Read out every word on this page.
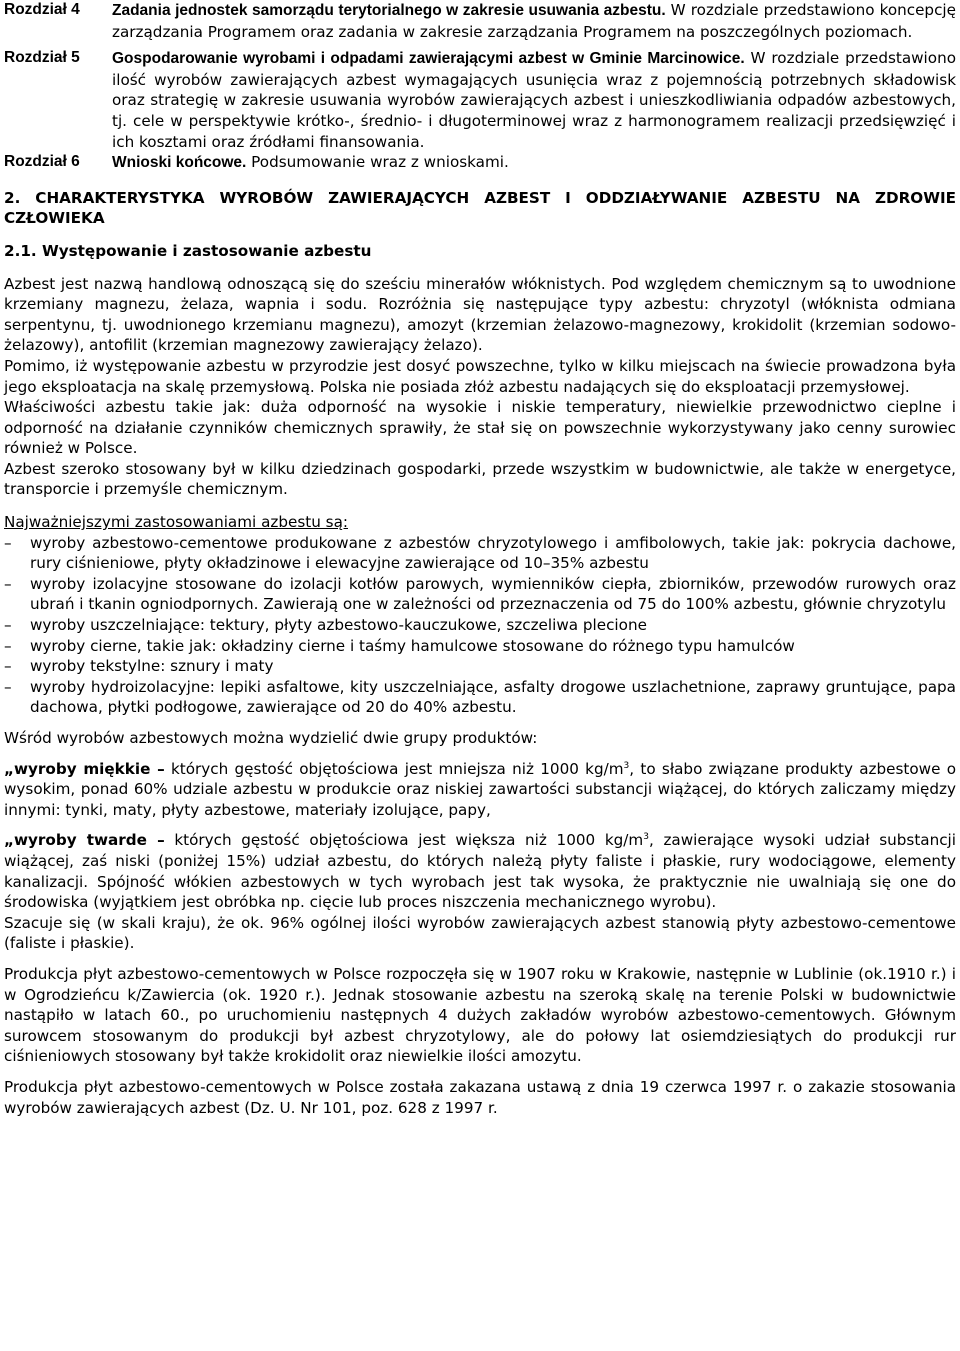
Rozdział 4	Zadania jednostek samorządu terytorialnego w zakresie usuwania azbestu. W rozdziale przedstawiono koncepcję zarządzania Programem oraz zadania w zakresie zarządzania Programem na poszczególnych poziomach.
Rozdział 5	Gospodarowanie wyrobami i odpadami zawierającymi azbest w Gminie Marcinowice. W rozdziale przedstawiono ilość wyrobów zawierających azbest wymagających usunięcia wraz z pojemnością potrzebnych składowisk oraz strategię w zakresie usuwania wyrobów zawierających azbest i unieszkodliwiania odpadów azbestowych, tj. cele w perspektywie krótko-, średnio- i długoterminowej wraz z harmonogramem realizacji przedsięwzięć i ich kosztami oraz źródłami finansowania.
Rozdział 6	Wnioski końcowe. Podsumowanie wraz z wnioskami.

2. CHARAKTERYSTYKA WYROBÓW ZAWIERAJĄCYCH AZBEST I ODDZIAŁYWANIE AZBESTU NA ZDROWIE CZŁOWIEKA

2.1. Występowanie i zastosowanie azbestu

Azbest jest nazwą handlową odnoszącą się do sześciu minerałów włóknistych. Pod względem chemicznym są to uwodnione krzemiany magnezu, żelaza, wapnia i sodu. Rozróżnia się następujące typy azbestu: chryzotyl (włóknista odmiana serpentynu, tj. uwodnionego krzemianu magnezu), amozyt (krzemian żelazowo-magnezowy, krokidolit (krzemian sodowo-żelazowy), antofilit (krzemian magnezowy zawierający żelazo).

Pomimo, iż występowanie azbestu w przyrodzie jest dosyć powszechne, tylko w kilku miejscach na świecie prowadzona była jego eksploatacja na skalę przemysłową. Polska nie posiada złóż azbestu nadających się do eksploatacji przemysłowej.

Właściwości azbestu takie jak: duża odporność na wysokie i niskie temperatury, niewielkie przewodnictwo cieplne i odporność na działanie czynników chemicznych sprawiły, że stał się on powszechnie wykorzystywany jako cenny surowiec również w Polsce.

Azbest szeroko stosowany był w kilku dziedzinach gospodarki, przede wszystkim w budownictwie, ale także w energetyce, transporcie i przemyśle chemicznym.

Najważniejszymi zastosowaniami azbestu są:

–	wyroby azbestowo-cementowe produkowane z azbestów chryzotylowego i amfibolowych, takie jak: pokrycia dachowe, rury ciśnieniowe, płyty okładzinowe i elewacyjne zawierające od 10–35% azbestu
–	wyroby izolacyjne stosowane do izolacji kotłów parowych, wymienników ciepła, zbiorników, przewodów rurowych oraz ubrań i tkanin ogniodpornych. Zawierają one w zależności od przeznaczenia od 75 do 100% azbestu, głównie chryzotylu
–	wyroby uszczelniające: tektury, płyty azbestowo-kauczukowe, szczeliwa plecione
–	wyroby cierne, takie jak: okładziny cierne i taśmy hamulcowe stosowane do różnego typu hamulców
–	wyroby tekstylne: sznury i maty
–	wyroby hydroizolacyjne: lepiki asfaltowe, kity uszczelniające, asfalty drogowe uszlachetnione, zaprawy gruntujące, papa dachowa, płytki podłogowe, zawierające od 20 do 40% azbestu.

Wśród wyrobów azbestowych można wydzielić dwie grupy produktów:

„wyroby miękkie – których gęstość objętościowa jest mniejsza niż 1000 $kg/m^3$, to słabo związane produkty azbestowe o wysokim, ponad 60% udziale azbestu w produkcie oraz niskiej zawartości substancji wiążącej, do których zaliczamy między innymi: tynki, maty, płyty azbestowe, materiały izolujące, papy,

„wyroby twarde – których gęstość objętościowa jest większa niż 1000 $kg/m^3$, zawierające wysoki udział substancji wiążącej, zaś niski (poniżej 15%) udział azbestu, do których należą płyty faliste i płaskie, rury wodociągowe, elementy kanalizacji. Spójność włókien azbestowych w tych wyrobach jest tak wysoka, że praktycznie nie uwalniają się one do środowiska (wyjątkiem jest obróbka np. cięcie lub proces niszczenia mechanicznego wyrobu).

Szacuje się (w skali kraju), że ok. 96% ogólnej ilości wyrobów zawierających azbest stanowią płyty azbestowo-cementowe (faliste i płaskie).

Produkcja płyt azbestowo-cementowych w Polsce rozpoczęła się w 1907 roku w Krakowie, następnie w Lublinie (ok.1910 r.) i w Ogrodzieńcu k/Zawiercia (ok. 1920 r.). Jednak stosowanie azbestu na szeroką skalę na terenie Polski w budownictwie nastąpiło w latach 60., po uruchomieniu następnych 4 dużych zakładów wyrobów azbestowo-cementowych. Głównym surowcem stosowanym do produkcji był azbest chryzotylowy, ale do połowy lat osiemdziesiątych do produkcji rur ciśnieniowych stosowany był także krokidolit oraz niewielkie ilości amozytu.

Produkcja płyt azbestowo-cementowych w Polsce została zakazana ustawą z dnia 19 czerwca 1997 r. o zakazie stosowania wyrobów zawierających azbest (Dz. U. Nr 101, poz. 628 z 1997 r.
